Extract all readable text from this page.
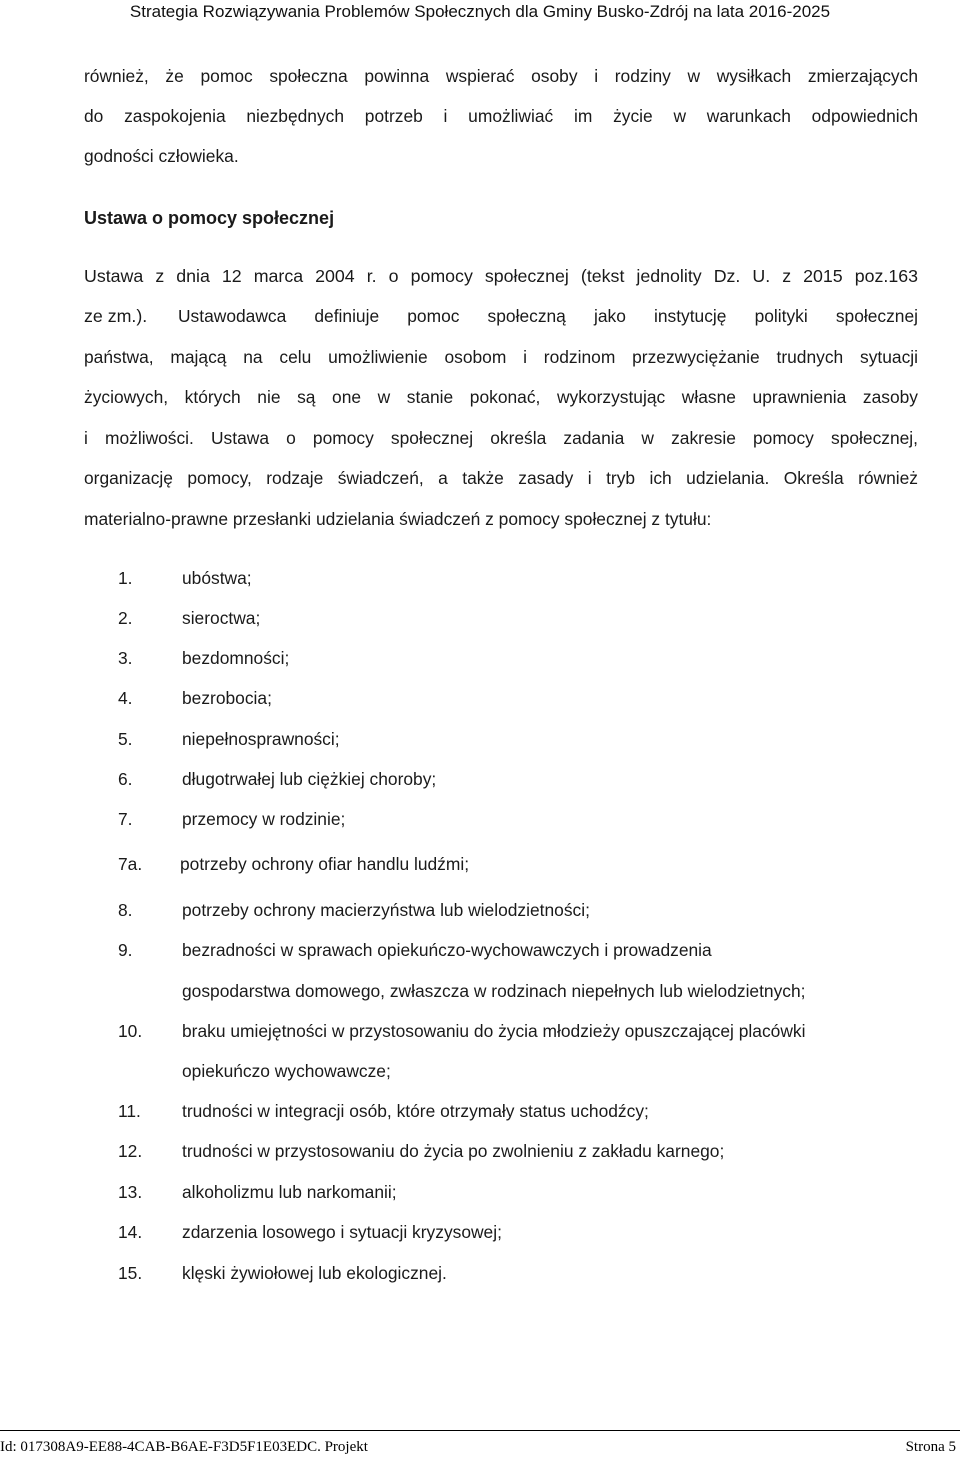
Strategia Rozwiązywania Problemów Społecznych dla Gminy Busko-Zdrój na lata 2016-2025
również, że pomoc społeczna powinna wspierać osoby i rodziny w wysiłkach zmierzających
do zaspokojenia niezbędnych potrzeb i umożliwiać im życie w warunkach odpowiednich
godności człowieka.
Ustawa o pomocy społecznej
Ustawa z dnia 12 marca 2004 r. o pomocy społecznej (tekst jednolity Dz. U. z 2015 poz.163
ze zm.). Ustawodawca definiuje pomoc społeczną jako instytucję polityki społecznej
państwa, mającą na celu umożliwienie osobom i rodzinom przezwyciężanie trudnych sytuacji
życiowych, których nie są one w stanie pokonać, wykorzystując własne uprawnienia zasoby
i możliwości. Ustawa o pomocy społecznej określa zadania w zakresie pomocy społecznej,
organizację pomocy, rodzaje świadczeń, a także zasady i tryb ich udzielania. Określa również
materialno-prawne przesłanki udzielania świadczeń z pomocy społecznej z tytułu:
1.	ubóstwa;
2.	sieroctwa;
3.	bezdomności;
4.	bezrobocia;
5.	niepełnosprawności;
6.	długotrwałej lub ciężkiej choroby;
7.	przemocy w rodzinie;
7a. potrzeby ochrony ofiar handlu ludźmi;
8.	potrzeby ochrony macierzyństwa lub wielodzietności;
9.	bezradności w sprawach opiekuńczo-wychowawczych i prowadzenia
gospodarstwa domowego, zwłaszcza w rodzinach niepełnych lub wielodzietnych;
10. braku umiejętności w przystosowaniu do życia młodzieży opuszczającej placówki
opiekuńczo wychowawcze;
11. trudności w integracji osób, które otrzymały status uchodźcy;
12. trudności w przystosowaniu do życia po zwolnieniu z zakładu karnego;
13. alkoholizmu lub narkomanii;
14. zdarzenia losowego i sytuacji kryzysowej;
15. klęski żywiołowej lub ekologicznej.
Id: 017308A9-EE88-4CAB-B6AE-F3D5F1E03EDC. Projekt	Strona 5
